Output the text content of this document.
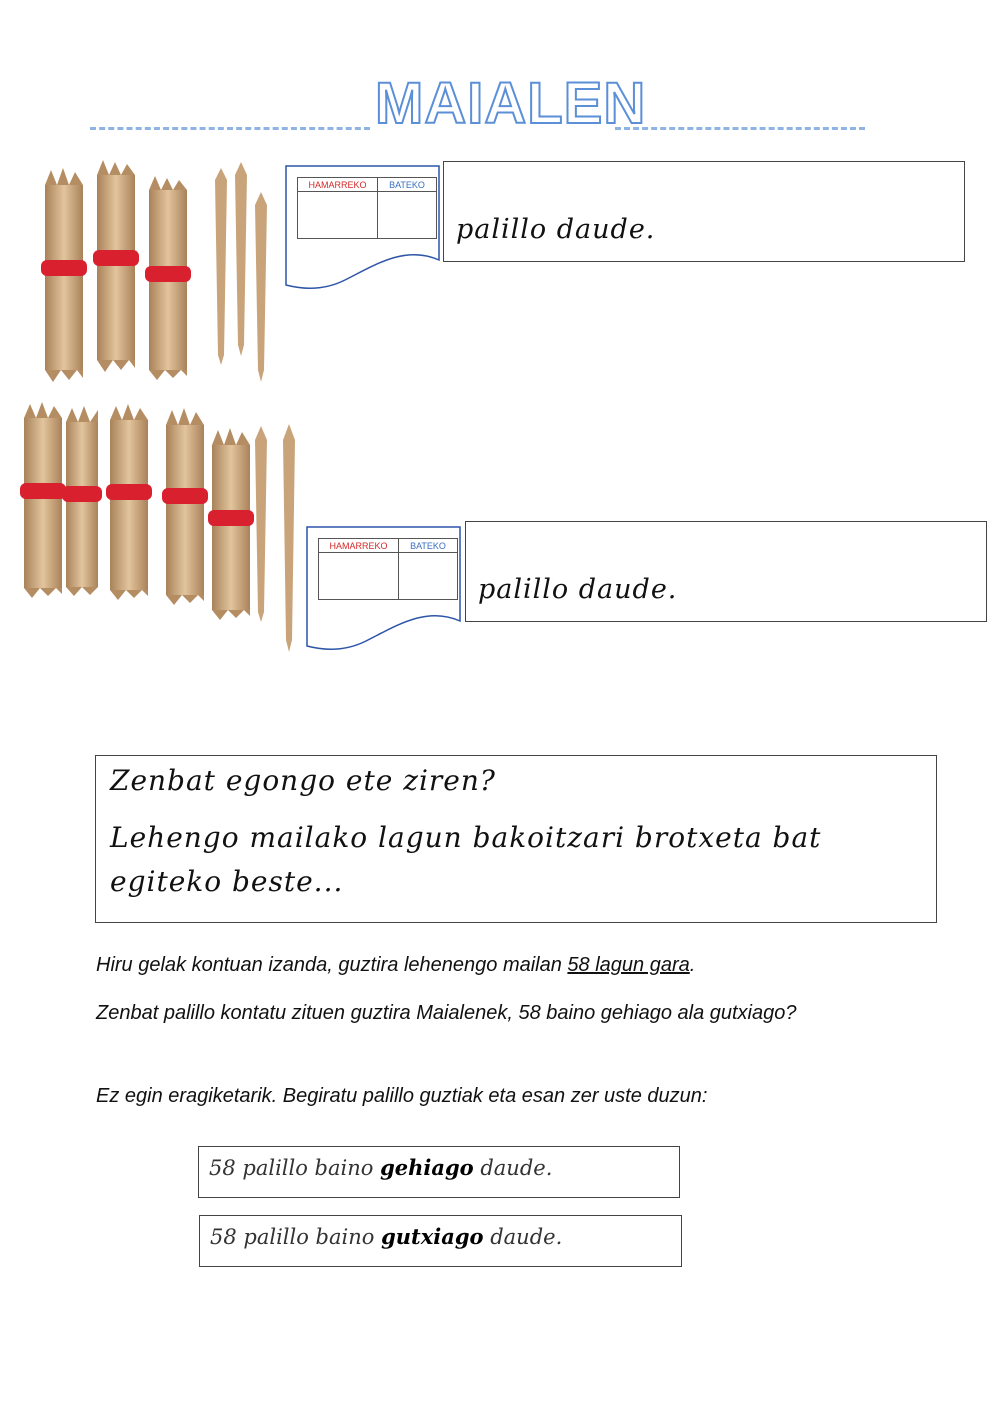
MAIALEN
HAMARREKO	BATEKO
palillo daude.
HAMARREKO	BATEKO
palillo daude.
Zenbat egongo ete ziren?
Lehengo mailako lagun bakoitzari brotxeta bat egiteko beste...
Hiru gelak kontuan izanda, guztira lehenengo mailan 58 lagun gara.
Zenbat palillo kontatu zituen guztira Maialenek, 58 baino gehiago ala gutxiago?
Ez egin eragiketarik. Begiratu palillo guztiak eta esan zer uste duzun:
58 palillo baino gehiago daude.
58 palillo baino gutxiago daude.
